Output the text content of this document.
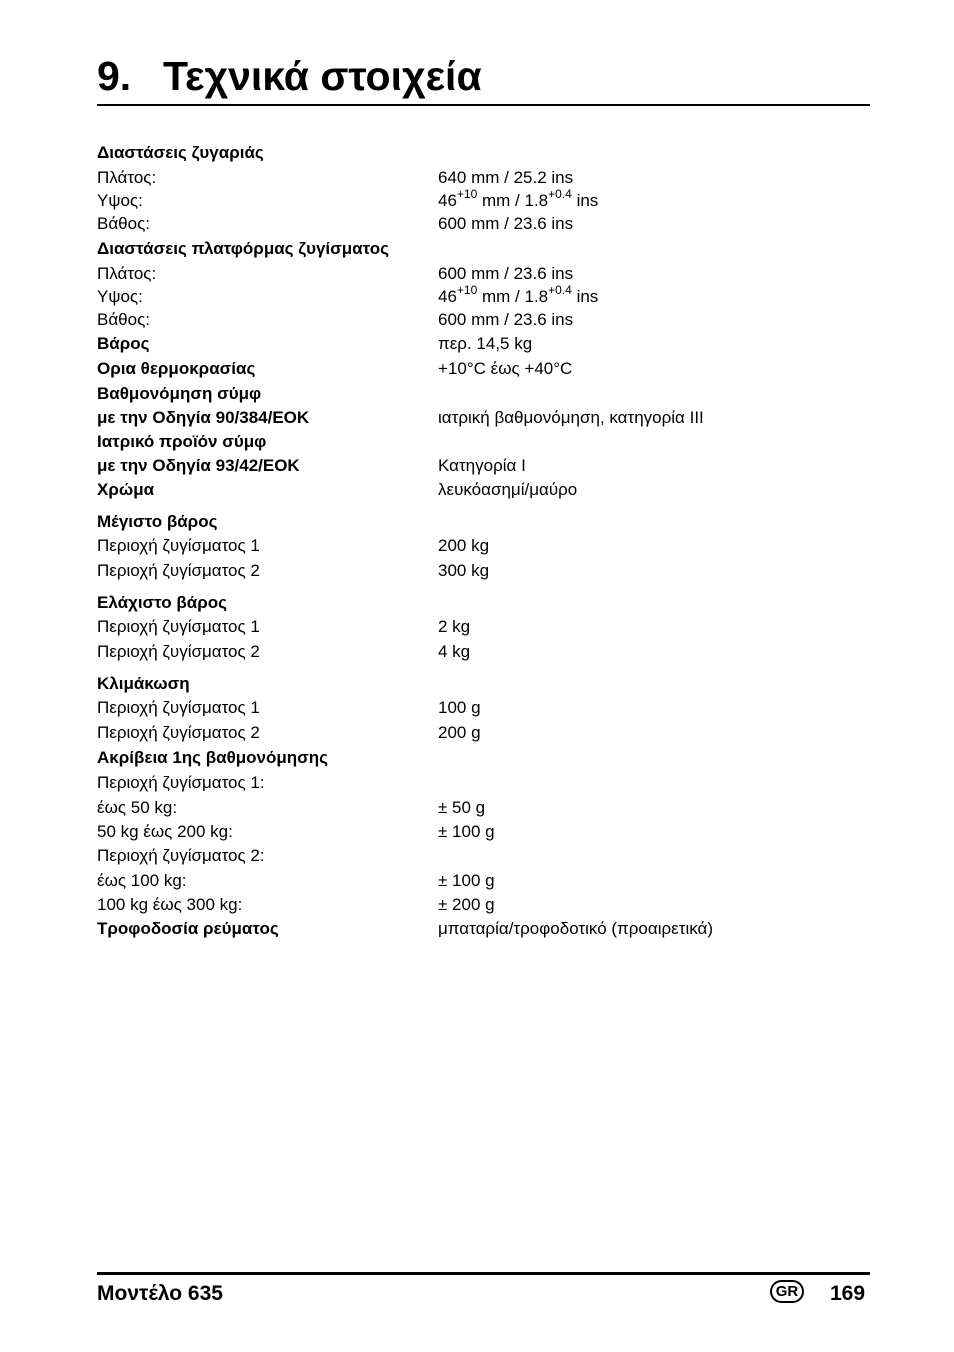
9. Τεχνικά στοιχεία
Διαστάσεις ζυγαριάς
Πλάτος:	640 mm / 25.2 ins
Υψος:	$46^{+10}$ mm / $1.8^{+0.4}$ ins
Βάθος:	600 mm / 23.6 ins
Διαστάσεις πλατφόρμας ζυγίσματος
Πλάτος:	600 mm / 23.6 ins
Υψος:	$46^{+10}$ mm / $1.8^{+0.4}$ ins
Βάθος:	600 mm / 23.6 ins
Βάρος	περ. 14,5 kg
Ορια θερμοκρασίας	+10°C έως +40°C
Βαθμονόμηση σύμφ
με την Οδηγία 90/384/ΕΟΚ	ιατρική βαθμονόμηση, κατηγορία III
Ιατρικό προϊόν σύμφ
με την Οδηγία 93/42/ΕΟΚ	Κατηγορία I
Χρώμα	λευκόασημί/μαύρο
Μέγιστο βάρος
Περιοχή ζυγίσματος 1	200 kg
Περιοχή ζυγίσματος 2	300 kg
Ελάχιστο βάρος
Περιοχή ζυγίσματος 1	2 kg
Περιοχή ζυγίσματος 2	4 kg
Κλιμάκωση
Περιοχή ζυγίσματος 1	100 g
Περιοχή ζυγίσματος 2	200 g
Ακρίβεια 1ης βαθμονόμησης
Περιοχή ζυγίσματος 1:
έως 50 kg:	± 50 g
50 kg έως 200 kg:	± 100 g
Περιοχή ζυγίσματος 2:
έως 100 kg:	± 100 g
100 kg έως 300 kg:	± 200 g
Τροφοδοσία ρεύματος	μπαταρία/τροφοδοτικό (προαιρετικά)
Μοντέλο 635	GR 169
